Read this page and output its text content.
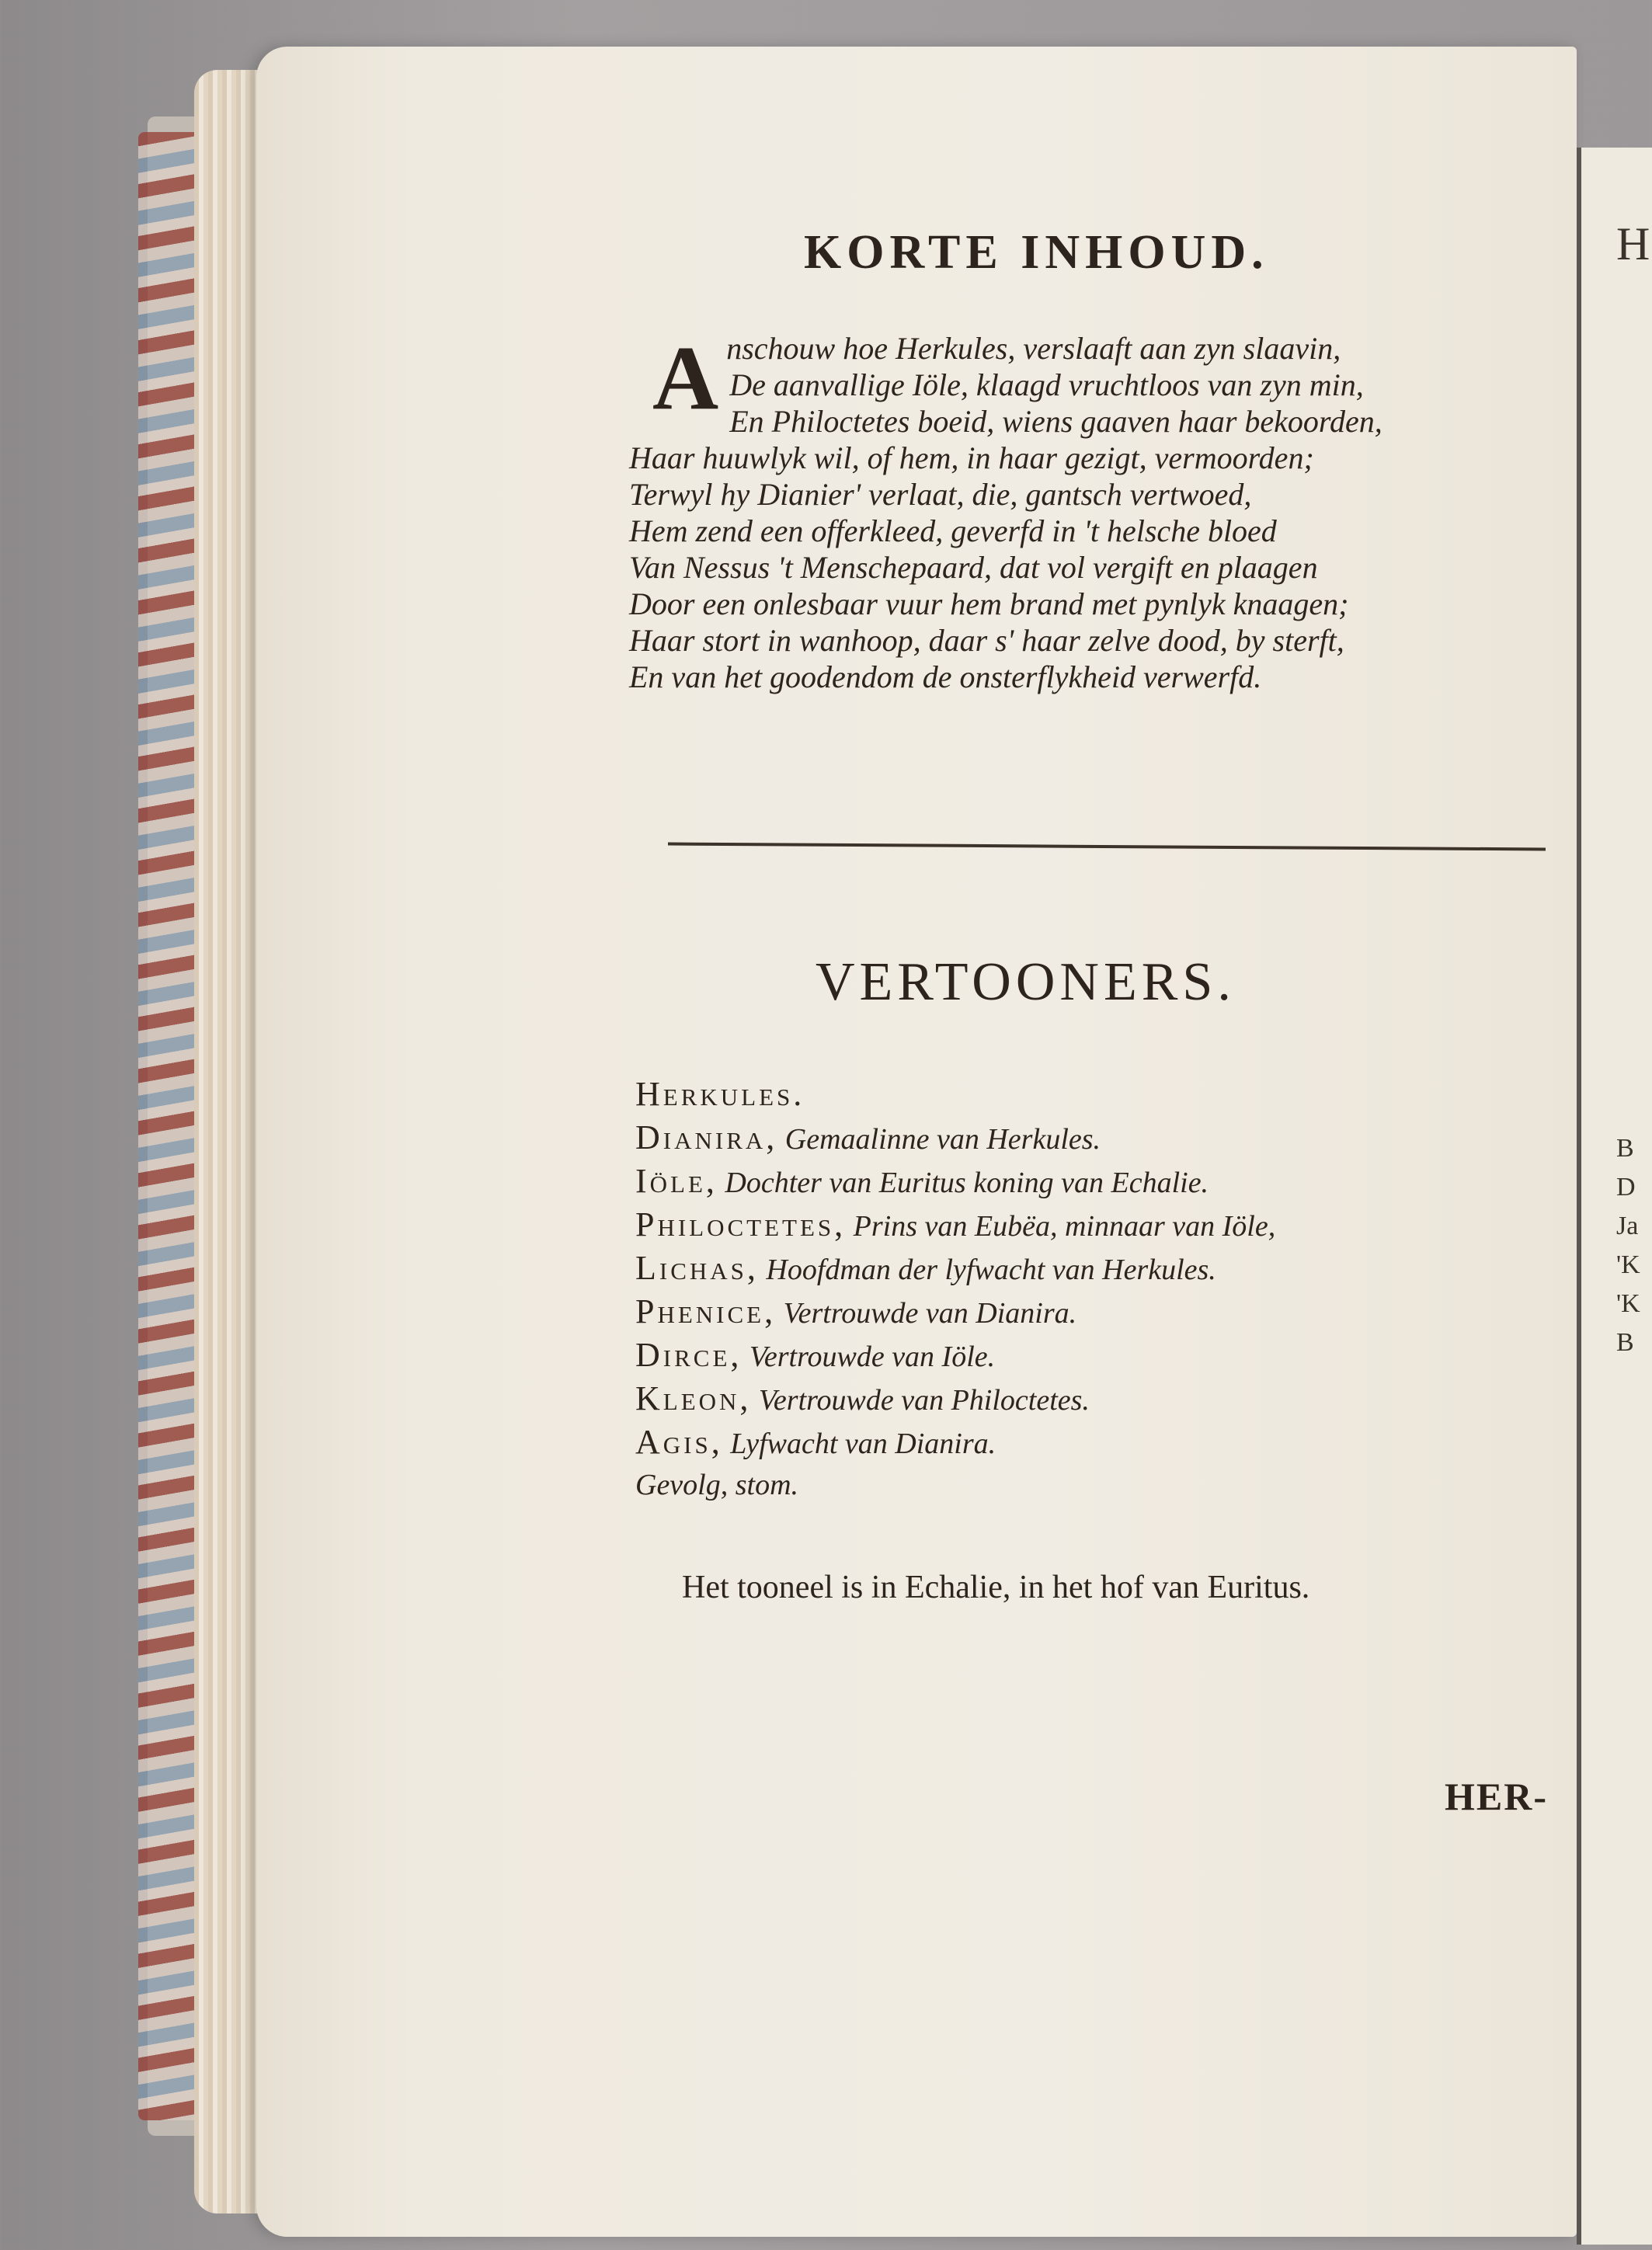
H
B
D
Ja
'K
'K
B
KORTE INHOUD.
A nschouw hoe Herkules, verslaaft aan zyn slaavin,
De aanvallige Iöle, klaagd vruchtloos van zyn min,
En Philoctetes boeid, wiens gaaven haar bekoorden,
Haar huuwlyk wil, of hem, in haar gezigt, vermoorden;
Terwyl hy Dianier' verlaat, die, gantsch vertwoed,
Hem zend een offerkleed, geverfd in 't helsche bloed
Van Nessus 't Menschepaard, dat vol vergift en plaagen
Door een onlesbaar vuur hem brand met pynlyk knaagen;
Haar stort in wanhoop, daar s' haar zelve dood, by sterft,
En van het goodendom de onsterflykheid verwerfd.
VERTOONERS.
Herkules.
Dianira, Gemaalinne van Herkules.
Iöle, Dochter van Euritus koning van Echalie.
Philoctetes, Prins van Eubëa, minnaar van Iöle,
Lichas, Hoofdman der lyfwacht van Herkules.
Phenice, Vertrouwde van Dianira.
Dirce, Vertrouwde van Iöle.
Kleon, Vertrouwde van Philoctetes.
Agis, Lyfwacht van Dianira.
Gevolg, stom.
Het tooneel is in Echalie, in het hof van Euritus.
HER-
